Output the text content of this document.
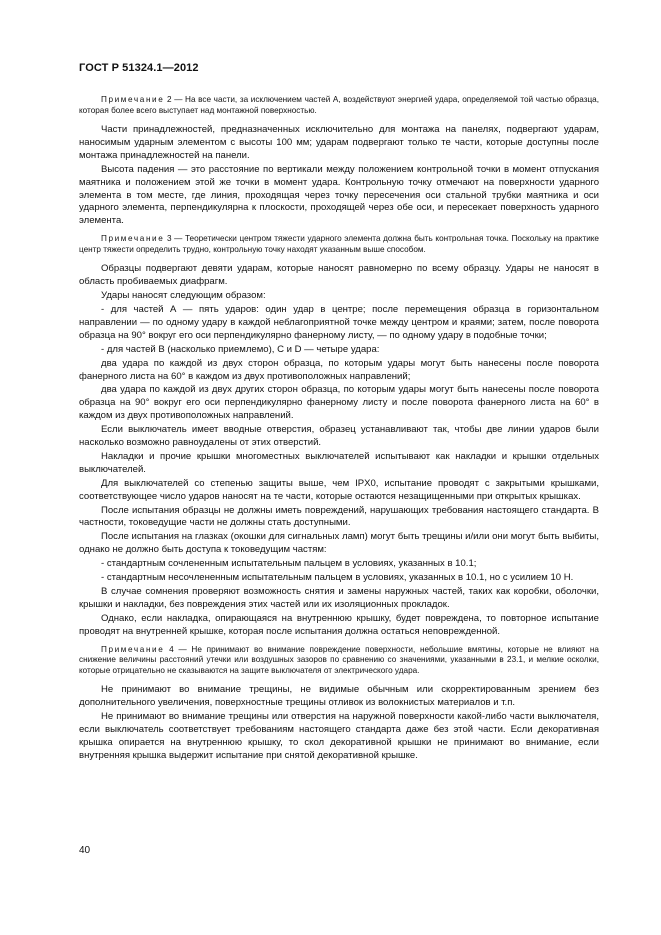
ГОСТ Р 51324.1—2012

Примечание 2 — На все части, за исключением частей А, воздействуют энергией удара, определяемой той частью образца, которая более всего выступает над монтажной поверхностью.

Части принадлежностей, предназначенных исключительно для монтажа на панелях, подвергают ударам, наносимым ударным элементом с высоты 100 мм; ударам подвергают только те части, которые доступны после монтажа принадлежностей на панели.

Высота падения — это расстояние по вертикали между положением контрольной точки в момент отпускания маятника и положением этой же точки в момент удара. Контрольную точку отмечают на поверхности ударного элемента в том месте, где линия, проходящая через точку пересечения оси стальной трубки маятника и оси ударного элемента, перпендикулярна к плоскости, проходящей через обе оси, и пересекает поверхность ударного элемента.

Примечание 3 — Теоретически центром тяжести ударного элемента должна быть контрольная точка. Поскольку на практике центр тяжести определить трудно, контрольную точку находят указанным выше способом.

Образцы подвергают девяти ударам, которые наносят равномерно по всему образцу. Удары не наносят в область пробиваемых диафрагм.

Удары наносят следующим образом:

- для частей А — пять ударов: один удар в центре; после перемещения образца в горизонтальном направлении — по одному удару в каждой неблагоприятной точке между центром и краями; затем, после поворота образца на 90° вокруг его оси перпендикулярно фанерному листу, — по одному удару в подобные точки;

- для частей В (насколько приемлемо), С и D — четыре удара:

два удара по каждой из двух сторон образца, по которым удары могут быть нанесены после поворота фанерного листа на 60° в каждом из двух противоположных направлений;

два удара по каждой из двух других сторон образца, по которым удары могут быть нанесены после поворота образца на 90° вокруг его оси перпендикулярно фанерному листу и после поворота фанерного листа на 60° в каждом из двух противоположных направлений.

Если выключатель имеет вводные отверстия, образец устанавливают так, чтобы две линии ударов были насколько возможно равноудалены от этих отверстий.

Накладки и прочие крышки многоместных выключателей испытывают как накладки и крышки отдельных выключателей.

Для выключателей со степенью защиты выше, чем IPX0, испытание проводят с закрытыми крышками, соответствующее число ударов наносят на те части, которые остаются незащищенными при открытых крышках.

После испытания образцы не должны иметь повреждений, нарушающих требования настоящего стандарта. В частности, токоведущие части не должны стать доступными.

После испытания на глазках (окошки для сигнальных ламп) могут быть трещины и/или они могут быть выбиты, однако не должно быть доступа к токоведущим частям:

- стандартным сочлененным испытательным пальцем в условиях, указанных в 10.1;

- стандартным несочлененным испытательным пальцем в условиях, указанных в 10.1, но с усилием 10 Н.

В случае сомнения проверяют возможность снятия и замены наружных частей, таких как коробки, оболочки, крышки и накладки, без повреждения этих частей или их изоляционных прокладок.

Однако, если накладка, опирающаяся на внутреннюю крышку, будет повреждена, то повторное испытание проводят на внутренней крышке, которая после испытания должна остаться неповрежденной.

Примечание 4 — Не принимают во внимание повреждение поверхности, небольшие вмятины, которые не влияют на снижение величины расстояний утечки или воздушных зазоров по сравнению со значениями, указанными в 23.1, и мелкие осколки, которые отрицательно не сказываются на защите выключателя от электрического удара.

Не принимают во внимание трещины, не видимые обычным или скорректированным зрением без дополнительного увеличения, поверхностные трещины отливок из волокнистых материалов и т.п.

Не принимают во внимание трещины или отверстия на наружной поверхности какой-либо части выключателя, если выключатель соответствует требованиям настоящего стандарта даже без этой части. Если декоративная крышка опирается на внутреннюю крышку, то скол декоративной крышки не принимают во внимание, если внутренняя крышка выдержит испытание при снятой декоративной крышке.

40
